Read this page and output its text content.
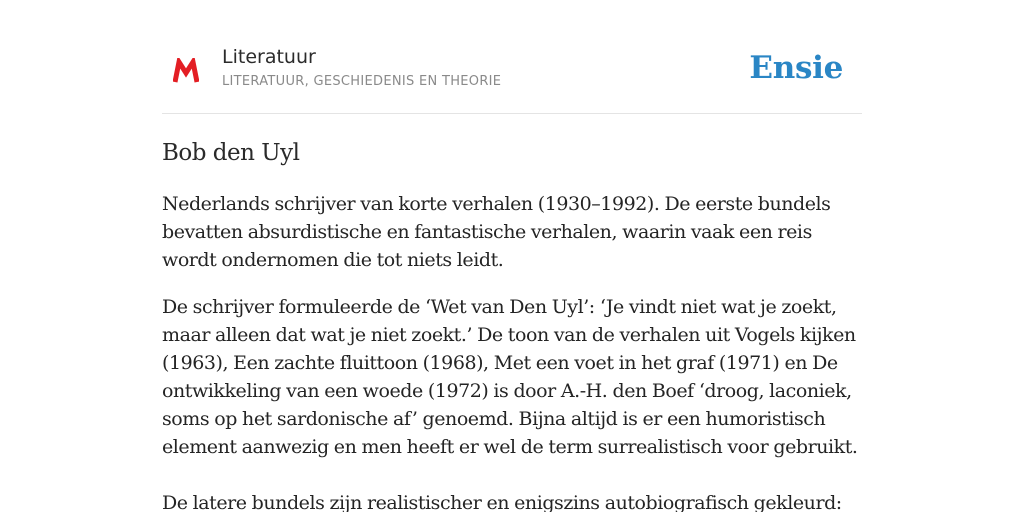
Literatuur
LITERATUUR, GESCHIEDENIS EN THEORIE	Ensie
Bob den Uyl

Nederlands schrijver van korte verhalen (1930–1992). De eerste bundels bevatten absurdistische en fantastische verhalen, waarin vaak een reis wordt ondernomen die tot niets leidt.

De schrijver formuleerde de ‘Wet van Den Uyl’: ‘Je vindt niet wat je zoekt, maar alleen dat wat je niet zoekt.’ De toon van de verhalen uit Vogels kijken (1963), Een zachte fluittoon (1968), Met een voet in het graf (1971) en De ontwikkeling van een woede (1972) is door A.-H. den Boef ‘droog, laconiek, soms op het sardonische af’ genoemd. Bijna altijd is er een humoristisch element aanwezig en men heeft er wel de term surrealistisch voor gebruikt.

De latere bundels zijn realistischer en enigszins autobiografisch gekleurd:
